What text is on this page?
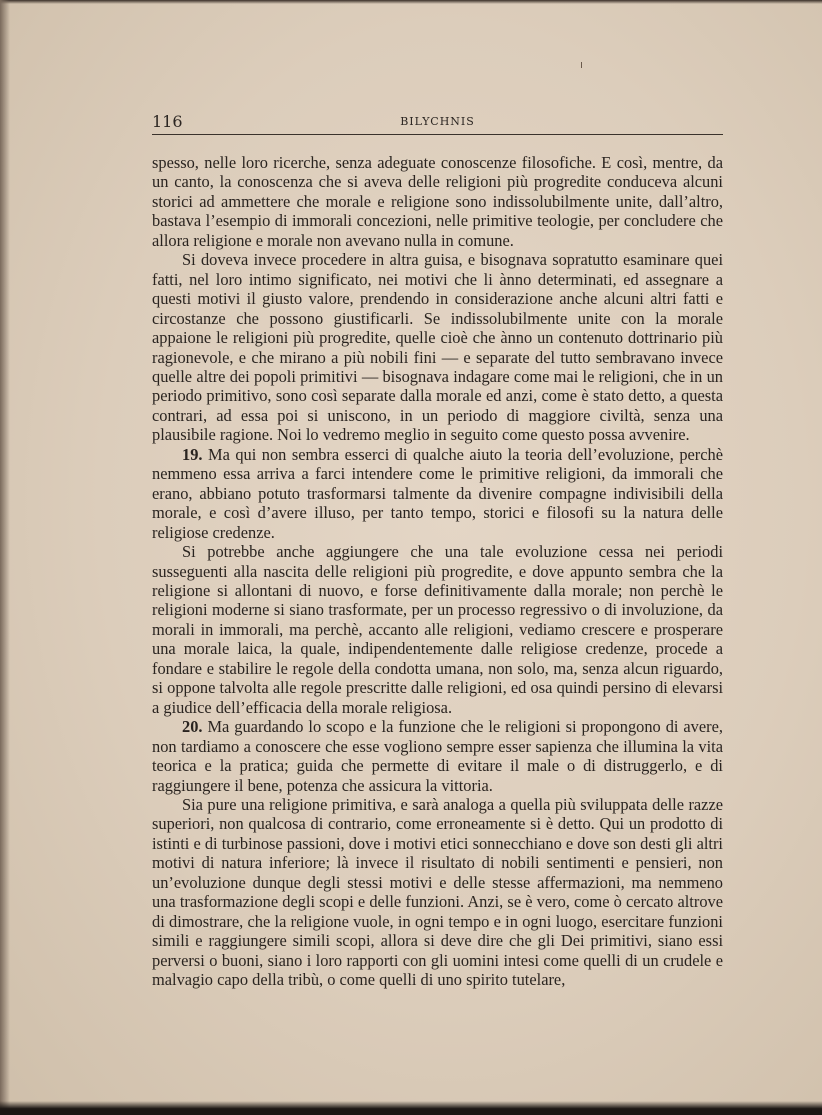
116	BILYCHNIS

spesso, nelle loro ricerche, senza adeguate conoscenze filosofiche. E così, mentre, da un canto, la conoscenza che si aveva delle religioni più progredite conduceva alcuni storici ad ammettere che morale e religione sono indissolubilmente unite, dall’altro, bastava l’esempio di immorali concezioni, nelle primitive teologie, per concludere che allora religione e morale non avevano nulla in comune.

Si doveva invece procedere in altra guisa, e bisognava sopratutto esaminare quei fatti, nel loro intimo significato, nei motivi che li ànno determinati, ed assegnare a questi motivi il giusto valore, prendendo in considerazione anche alcuni altri fatti e circostanze che possono giustificarli. Se indissolubilmente unite con la morale appaione le religioni più progredite, quelle cioè che ànno un contenuto dottrinario più ragionevole, e che mirano a più nobili fini — e separate del tutto sembravano invece quelle altre dei popoli primitivi — bisognava indagare come mai le religioni, che in un periodo primitivo, sono così separate dalla morale ed anzi, come è stato detto, a questa contrari, ad essa poi si uniscono, in un periodo di maggiore civiltà, senza una plausibile ragione. Noi lo vedremo meglio in seguito come questo possa avvenire.

19. Ma qui non sembra esserci di qualche aiuto la teoria dell’evoluzione, perchè nemmeno essa arriva a farci intendere come le primitive religioni, da immorali che erano, abbiano potuto trasformarsi talmente da divenire compagne indivisibili della morale, e così d’avere illuso, per tanto tempo, storici e filosofi su la natura delle religiose credenze.

Si potrebbe anche aggiungere che una tale evoluzione cessa nei periodi susseguenti alla nascita delle religioni più progredite, e dove appunto sembra che la religione si allontani di nuovo, e forse definitivamente dalla morale; non perchè le religioni moderne si siano trasformate, per un processo regressivo o di involuzione, da morali in immorali, ma perchè, accanto alle religioni, vediamo crescere e prosperare una morale laica, la quale, indipendentemente dalle religiose credenze, procede a fondare e stabilire le regole della condotta umana, non solo, ma, senza alcun riguardo, si oppone talvolta alle regole prescritte dalle religioni, ed osa quindi persino di elevarsi a giudice dell’efficacia della morale religiosa.

20. Ma guardando lo scopo e la funzione che le religioni si propongono di avere, non tardiamo a conoscere che esse vogliono sempre esser sapienza che illumina la vita teorica e la pratica; guida che permette di evitare il male o di distruggerlo, e di raggiungere il bene, potenza che assicura la vittoria.

Sia pure una religione primitiva, e sarà analoga a quella più sviluppata delle razze superiori, non qualcosa di contrario, come erroneamente si è detto. Qui un prodotto di istinti e di turbinose passioni, dove i motivi etici sonnecchiano e dove son desti gli altri motivi di natura inferiore; là invece il risultato di nobili sentimenti e pensieri, non un’evoluzione dunque degli stessi motivi e delle stesse affermazioni, ma nemmeno una trasformazione degli scopi e delle funzioni. Anzi, se è vero, come ò cercato altrove di dimostrare, che la religione vuole, in ogni tempo e in ogni luogo, esercitare funzioni simili e raggiungere simili scopi, allora si deve dire che gli Dei primitivi, siano essi perversi o buoni, siano i loro rapporti con gli uomini intesi come quelli di un crudele e malvagio capo della tribù, o come quelli di uno spirito tutelare,
